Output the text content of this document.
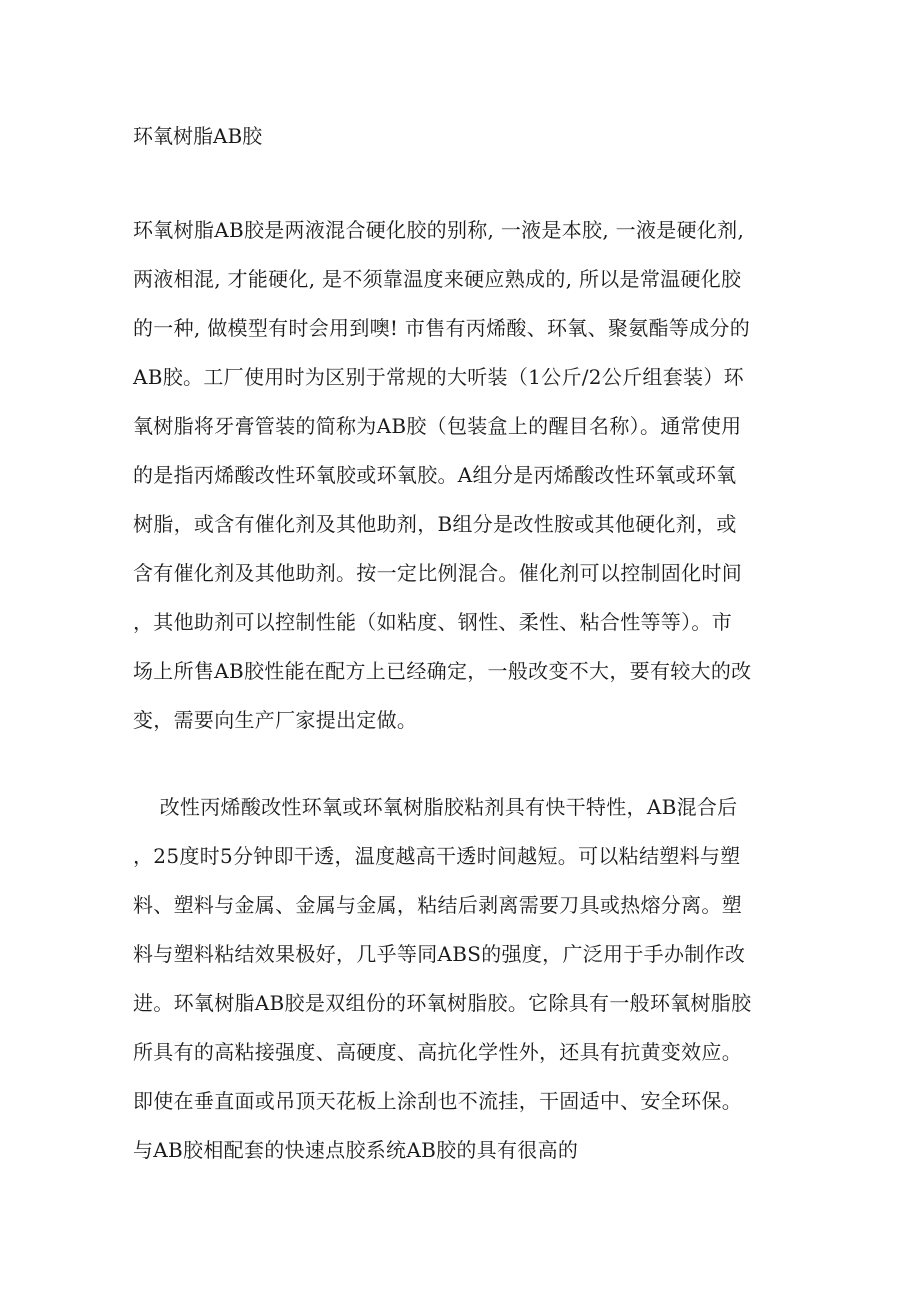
环氧树脂AB胶
环氧树脂AB胶是两液混合硬化胶的别称, 一液是本胶, 一液是硬化剂,
两液相混, 才能硬化, 是不须靠温度来硬应熟成的, 所以是常温硬化胶
的一种, 做模型有时会用到噢! 市售有丙烯酸、环氧、聚氨酯等成分的
AB胶。工厂使用时为区别于常规的大听装（1公斤/2公斤组套装）环
氧树脂将牙膏管装的简称为AB胶（包装盒上的醒目名称）。通常使用
的是指丙烯酸改性环氧胶或环氧胶。A组分是丙烯酸改性环氧或环氧
树脂，或含有催化剂及其他助剂，B组分是改性胺或其他硬化剂，或
含有催化剂及其他助剂。按一定比例混合。催化剂可以控制固化时间
，其他助剂可以控制性能（如粘度、钢性、柔性、粘合性等等）。市
场上所售AB胶性能在配方上已经确定，一般改变不大，要有较大的改
变，需要向生产厂家提出定做。
改性丙烯酸改性环氧或环氧树脂胶粘剂具有快干特性，AB混合后
，25度时5分钟即干透，温度越高干透时间越短。可以粘结塑料与塑
料、塑料与金属、金属与金属，粘结后剥离需要刀具或热熔分离。塑
料与塑料粘结效果极好，几乎等同ABS的强度，广泛用于手办制作改
进。环氧树脂AB胶是双组份的环氧树脂胶。它除具有一般环氧树脂胶
所具有的高粘接强度、高硬度、高抗化学性外，还具有抗黄变效应。
即使在垂直面或吊顶天花板上涂刮也不流挂，干固适中、安全环保。
与AB胶相配套的快速点胶系统AB胶的具有很高的
